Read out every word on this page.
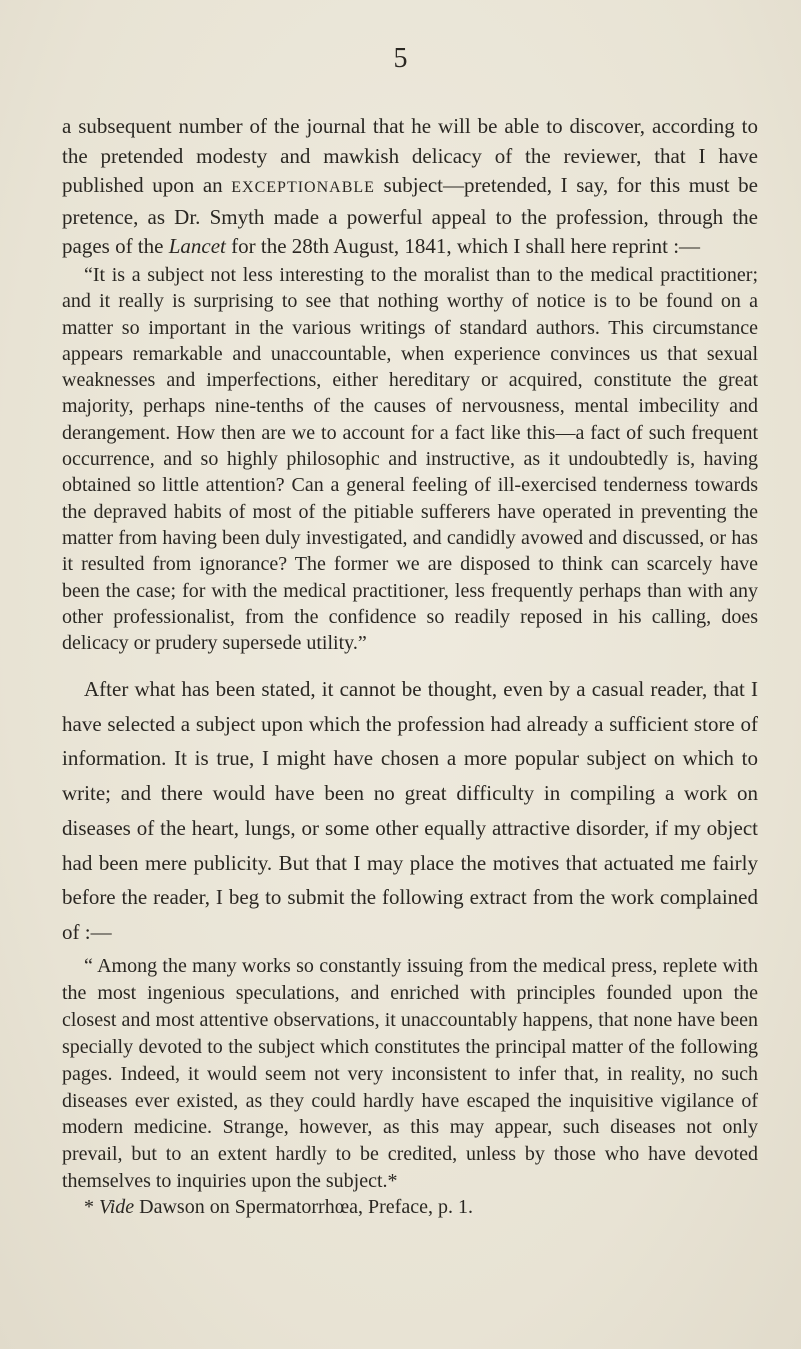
5

a subsequent number of the journal that he will be able to discover, according to the pretended modesty and mawkish delicacy of the reviewer, that I have published upon an EXCEPTIONABLE subject—pretended, I say, for this must be pretence, as Dr. Smyth made a powerful appeal to the profession, through the pages of the Lancet for the 28th August, 1841, which I shall here reprint :—

“It is a subject not less interesting to the moralist than to the medical practitioner; and it really is surprising to see that nothing worthy of notice is to be found on a matter so important in the various writings of standard authors. This circumstance appears remarkable and unaccountable, when experience convinces us that sexual weaknesses and imperfections, either hereditary or acquired, constitute the great majority, perhaps nine-tenths of the causes of nervousness, mental imbecility and derangement. How then are we to account for a fact like this—a fact of such frequent occurrence, and so highly philosophic and instructive, as it undoubtedly is, having obtained so little attention? Can a general feeling of ill-exercised tenderness towards the depraved habits of most of the pitiable sufferers have operated in preventing the matter from having been duly investigated, and candidly avowed and discussed, or has it resulted from ignorance? The former we are disposed to think can scarcely have been the case; for with the medical practitioner, less frequently perhaps than with any other professionalist, from the confidence so readily reposed in his calling, does delicacy or prudery supersede utility.”

After what has been stated, it cannot be thought, even by a casual reader, that I have selected a subject upon which the profession had already a sufficient store of information. It is true, I might have chosen a more popular subject on which to write; and there would have been no great difficulty in compiling a work on diseases of the heart, lungs, or some other equally attractive disorder, if my object had been mere publicity. But that I may place the motives that actuated me fairly before the reader, I beg to submit the following extract from the work complained of :—

“ Among the many works so constantly issuing from the medical press, replete with the most ingenious speculations, and enriched with principles founded upon the closest and most attentive observations, it unaccountably happens, that none have been specially devoted to the subject which constitutes the principal matter of the following pages. Indeed, it would seem not very inconsistent to infer that, in reality, no such diseases ever existed, as they could hardly have escaped the inquisitive vigilance of modern medicine. Strange, however, as this may appear, such diseases not only prevail, but to an extent hardly to be credited, unless by those who have devoted themselves to inquiries upon the subject.*

* Vide Dawson on Spermatorrhœa, Preface, p. 1.
